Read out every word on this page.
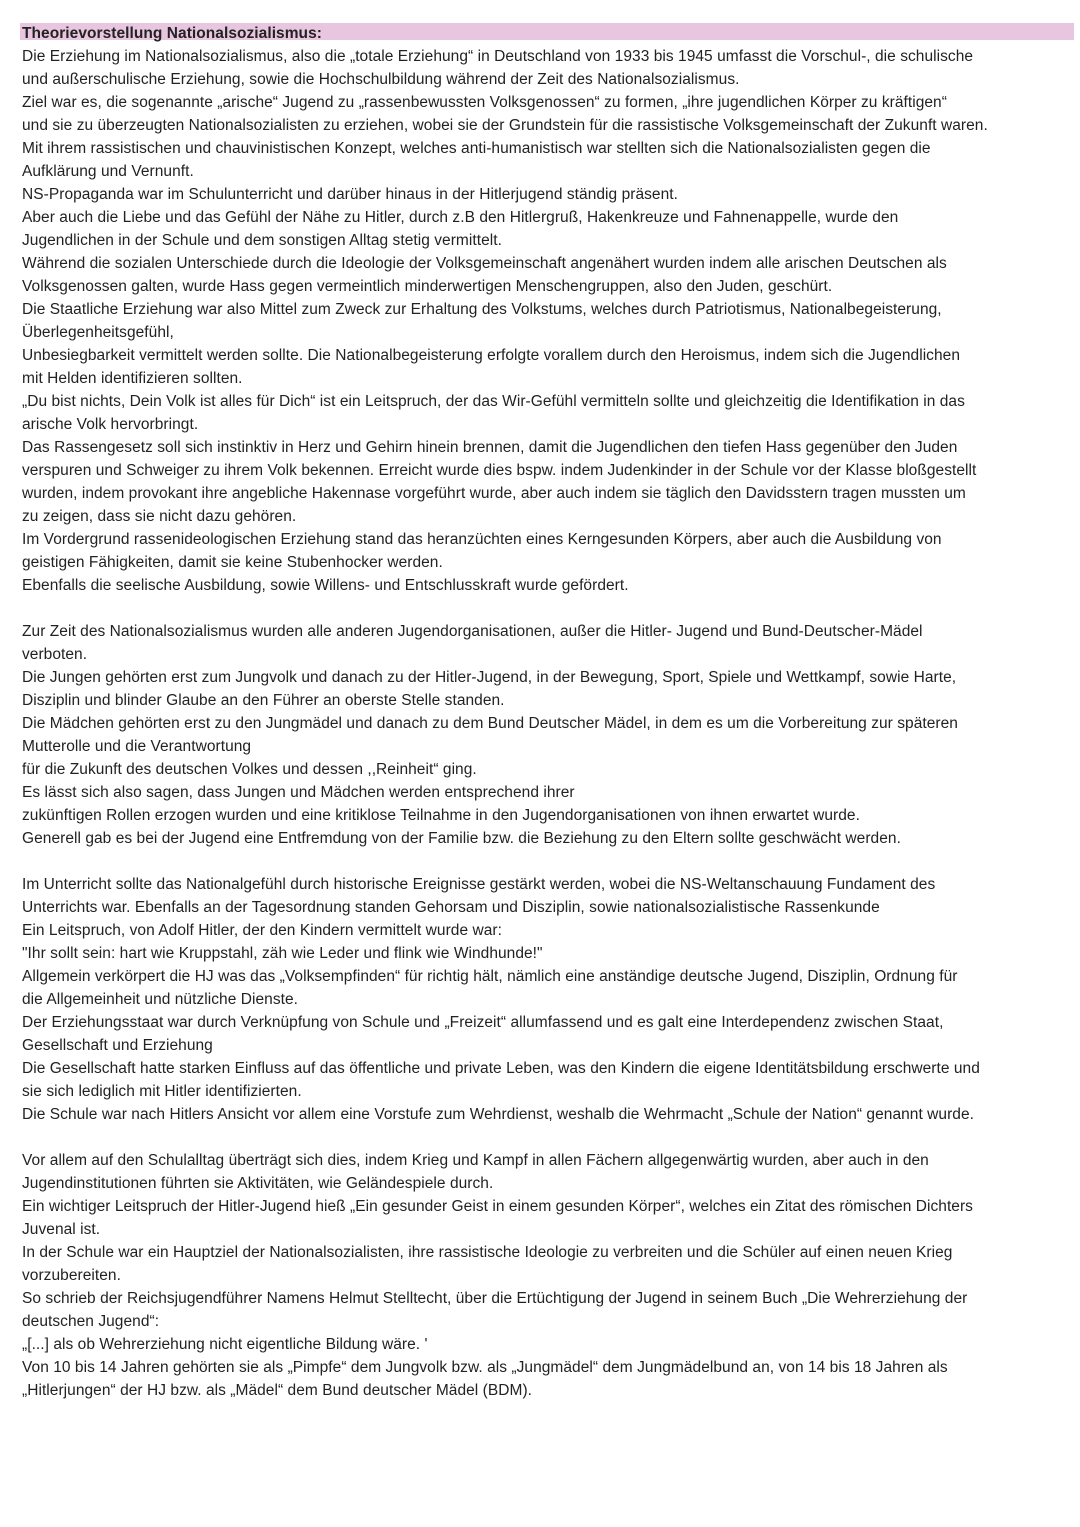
Theorievorstellung Nationalsozialismus:
Die Erziehung im Nationalsozialismus, also die „totale Erziehung“ in Deutschland von 1933 bis 1945 umfasst die Vorschul-, die schulische
und außerschulische Erziehung, sowie die Hochschulbildung während der Zeit des Nationalsozialismus.
Ziel war es, die sogenannte „arische“ Jugend zu „rassenbewussten Volksgenossen“ zu formen, „ihre jugendlichen Körper zu kräftigen“
und sie zu überzeugten Nationalsozialisten zu erziehen, wobei sie der Grundstein für die rassistische Volksgemeinschaft der Zukunft waren.
Mit ihrem rassistischen und chauvinistischen Konzept, welches anti-humanistisch war stellten sich die Nationalsozialisten gegen die
Aufklärung und Vernunft.
NS-Propaganda war im Schulunterricht und darüber hinaus in der Hitlerjugend ständig präsent.
Aber auch die Liebe und das Gefühl der Nähe zu Hitler, durch z.B den Hitlergruß, Hakenkreuze und Fahnenappelle, wurde den
Jugendlichen in der Schule und dem sonstigen Alltag stetig vermittelt.
Während die sozialen Unterschiede durch die Ideologie der Volksgemeinschaft angenähert wurden indem alle arischen Deutschen als
Volksgenossen galten, wurde Hass gegen vermeintlich minderwertigen Menschengruppen, also den Juden, geschürt.
Die Staatliche Erziehung war also Mittel zum Zweck zur Erhaltung des Volkstums, welches durch Patriotismus, Nationalbegeisterung,
Überlegenheitsgefühl,
Unbesiegbarkeit vermittelt werden sollte. Die Nationalbegeisterung erfolgte vorallem durch den Heroismus, indem sich die Jugendlichen
mit Helden identifizieren sollten.
„Du bist nichts, Dein Volk ist alles für Dich“ ist ein Leitspruch, der das Wir-Gefühl vermitteln sollte und gleichzeitig die Identifikation in das
arische Volk hervorbringt.
Das Rassengesetz soll sich instinktiv in Herz und Gehirn hinein brennen, damit die Jugendlichen den tiefen Hass gegenüber den Juden
verspuren und Schweiger zu ihrem Volk bekennen. Erreicht wurde dies bspw. indem Judenkinder in der Schule vor der Klasse bloßgestellt
wurden, indem provokant ihre angebliche Hakennase vorgeführt wurde, aber auch indem sie täglich den Davidsstern tragen mussten um
zu zeigen, dass sie nicht dazu gehören.
Im Vordergrund rassenideologischen Erziehung stand das heranzüchten eines Kerngesunden Körpers, aber auch die Ausbildung von
geistigen Fähigkeiten, damit sie keine Stubenhocker werden.
Ebenfalls die seelische Ausbildung, sowie Willens- und Entschlusskraft wurde gefördert.
Zur Zeit des Nationalsozialismus wurden alle anderen Jugendorganisationen, außer die Hitler- Jugend und Bund-Deutscher-Mädel
verboten.
Die Jungen gehörten erst zum Jungvolk und danach zu der Hitler-Jugend, in der Bewegung, Sport, Spiele und Wettkampf, sowie Harte,
Disziplin und blinder Glaube an den Führer an oberste Stelle standen.
Die Mädchen gehörten erst zu den Jungmädel und danach zu dem Bund Deutscher Mädel, in dem es um die Vorbereitung zur späteren
Mutterolle und die Verantwortung
für die Zukunft des deutschen Volkes und dessen ,,Reinheit“ ging.
Es lässt sich also sagen, dass Jungen und Mädchen werden entsprechend ihrer
zukünftigen Rollen erzogen wurden und eine kritiklose Teilnahme in den Jugendorganisationen von ihnen erwartet wurde.
Generell gab es bei der Jugend eine Entfremdung von der Familie bzw. die Beziehung zu den Eltern sollte geschwächt werden.
Im Unterricht sollte das Nationalgefühl durch historische Ereignisse gestärkt werden, wobei die NS-Weltanschauung Fundament des
Unterrichts war. Ebenfalls an der Tagesordnung standen Gehorsam und Disziplin, sowie nationalsozialistische Rassenkunde
Ein Leitspruch, von Adolf Hitler, der den Kindern vermittelt wurde war:
"Ihr sollt sein: hart wie Kruppstahl, zäh wie Leder und flink wie Windhunde!"
Allgemein verkörpert die HJ was das „Volksempfinden“ für richtig hält, nämlich eine anständige deutsche Jugend, Disziplin, Ordnung für
die Allgemeinheit und nützliche Dienste.
Der Erziehungsstaat war durch Verknüpfung von Schule und „Freizeit“ allumfassend und es galt eine Interdependenz zwischen Staat,
Gesellschaft und Erziehung
Die Gesellschaft hatte starken Einfluss auf das öffentliche und private Leben, was den Kindern die eigene Identitätsbildung erschwerte und
sie sich lediglich mit Hitler identifizierten.
Die Schule war nach Hitlers Ansicht vor allem eine Vorstufe zum Wehrdienst, weshalb die Wehrmacht „Schule der Nation“ genannt wurde.
Vor allem auf den Schulalltag überträgt sich dies, indem Krieg und Kampf in allen Fächern allgegenwärtig wurden, aber auch in den
Jugendinstitutionen führten sie Aktivitäten, wie Geländespiele durch.
Ein wichtiger Leitspruch der Hitler-Jugend hieß „Ein gesunder Geist in einem gesunden Körper“, welches ein Zitat des römischen Dichters
Juvenal ist.
In der Schule war ein Hauptziel der Nationalsozialisten, ihre rassistische Ideologie zu verbreiten und die Schüler auf einen neuen Krieg
vorzubereiten.
So schrieb der Reichsjugendführer Namens Helmut Stelltecht, über die Ertüchtigung der Jugend in seinem Buch „Die Wehrerziehung der
deutschen Jugend“:
„[...] als ob Wehrerziehung nicht eigentliche Bildung wäre. '
Von 10 bis 14 Jahren gehörten sie als „Pimpfe“ dem Jungvolk bzw. als „Jungmädel“ dem Jungmädelbund an, von 14 bis 18 Jahren als
„Hitlerjungen“ der HJ bzw. als „Mädel“ dem Bund deutscher Mädel (BDM).
